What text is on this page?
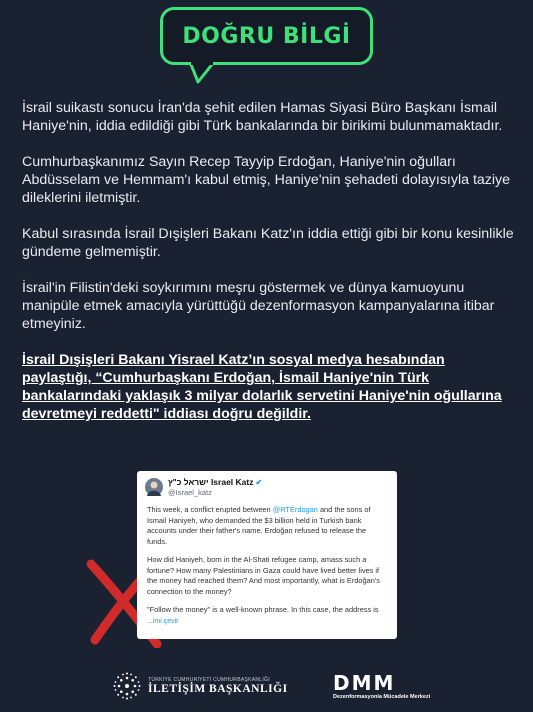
DOĞRU BİLGİ

İsrail suikastı sonucu İran'da şehit edilen Hamas Siyasi Büro Başkanı İsmail Haniye'nin, iddia edildiği gibi Türk bankalarında bir birikimi bulunmamaktadır.

Cumhurbaşkanımız Sayın Recep Tayyip Erdoğan, Haniye'nin oğulları Abdüsselam ve Hemmam'ı kabul etmiş, Haniye'nin şehadeti dolayısıyla taziye dileklerini iletmiştir.

Kabul sırasında İsrail Dışişleri Bakanı Katz'ın iddia ettiği gibi bir konu kesinlikle gündeme gelmemiştir.

İsrail'in Filistin'deki soykırımını meşru göstermek ve dünya kamuoyunu manipüle etmek amacıyla yürüttüğü dezenformasyon kampanyalarına itibar etmeyiniz.

İsrail Dışişleri Bakanı Yisrael Katz’ın sosyal medya hesabından paylaştığı, “Cumhurbaşkanı Erdoğan, İsmail Haniye'nin Türk bankalarındaki yaklaşık 3 milyar dolarlık servetini Haniye'nin oğullarına devretmeyi reddetti" iddiası doğru değildir.

ישראל כ"ץ Israel Katz ✔
@Israel_katz

This week, a conflict erupted between @RTErdogan and the sons of Ismail Haniyeh, who demanded the $3 billion held in Turkish bank accounts under their father's name. Erdoğan refused to release the funds.

How did Haniyeh, born in the Al-Shati refugee camp, amass such a fortune? How many Palestinians in Gaza could have lived better lives if the money had reached them? And most importantly, what is Erdoğan's connection to the money?

"Follow the money" is a well-known phrase. In this case, the address is
...imi çevir

TÜRKİYE CUMHURİYETİ CUMHURBAŞKANLIĞI
İLETİŞİM BAŞKANLIĞI DMM
Dezenformasyonla Mücadele Merkezi
